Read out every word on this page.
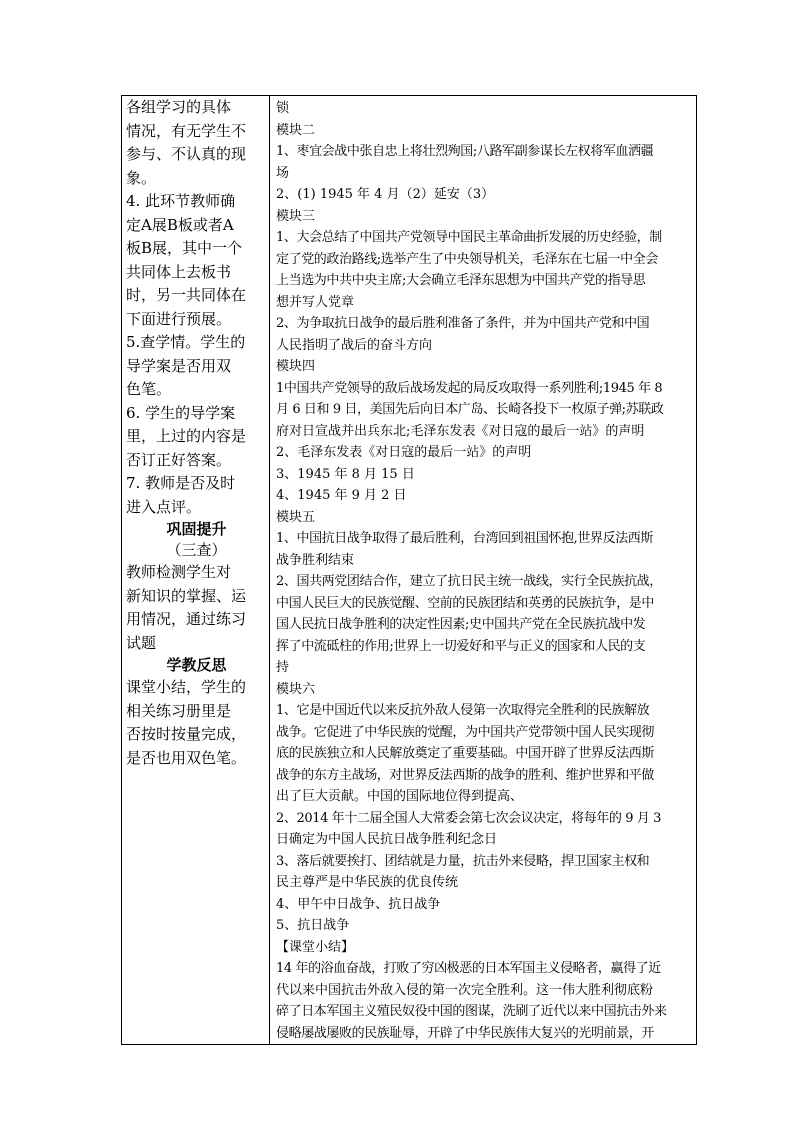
各组学习的具体
情况，有无学生不
参与、不认真的现
象。
4. 此环节教师确
定A展B板或者A
板B展，其中一个
共同体上去板书
时，另一共同体在
下面进行预展。
5.查学情。学生的
导学案是否用双
色笔。
6. 学生的导学案
里，上过的内容是
否订正好答案。
7. 教师是否及时
进入点评。
巩固提升
（三查）
教师检测学生对
新知识的掌握、运
用情况，通过练习
试题
学教反思
课堂小结，学生的
相关练习册里是
否按时按量完成，
是否也用双色笔。

锁
模块二
1、枣宜会战中张自忠上将壮烈殉国;八路军副参谋长左权将军血洒疆
场
2、(1) 1945 年 4 月（2）延安（3）
模块三
1、大会总结了中国共产党领导中国民主革命曲折发展的历史经验，制
定了党的政治路线;选举产生了中央领导机关，毛泽东在七届一中全会
上当选为中共中央主席;大会确立毛泽东思想为中国共产党的指导思
想并写人党章
2、为争取抗日战争的最后胜利准备了条件，并为中国共产党和中国
人民指明了战后的奋斗方向
模块四
1中国共产党领导的敌后战场发起的局反攻取得一系列胜利;1945 年 8
月 6 日和 9 日，美国先后向日本广岛、长崎各投下一枚原子弹;苏联政
府对日宣战并出兵东北;毛泽东发表《对日寇的最后一站》的声明
2、毛泽东发表《对日寇的最后一站》的声明
3、1945 年 8 月 15 日
4、1945 年 9 月 2 日
模块五
1、中国抗日战争取得了最后胜利，台湾回到祖国怀抱,世界反法西斯
战争胜利结束
2、国共两党团结合作，建立了抗日民主统一战线，实行全民族抗战，
中国人民巨大的民族觉醒、空前的民族团结和英勇的民族抗争，是中
国人民抗日战争胜利的决定性因素;史中国共产党在全民族抗战中发
挥了中流砥柱的作用;世界上一切爱好和平与正义的国家和人民的支
持
模块六
1、它是中国近代以来反抗外敌人侵第一次取得完全胜利的民族解放
战争。它促进了中华民族的觉醒，为中国共产党带领中国人民实现彻
底的民族独立和人民解放奠定了重要基础。中国开辟了世界反法西斯
战争的东方主战场，对世界反法西斯的战争的胜利、维护世界和平做
出了巨大贡献。中国的国际地位得到提高、
2、2014 年十二届全国人大常委会第七次会议决定，将每年的 9 月 3
日确定为中国人民抗日战争胜利纪念日
3、落后就要挨打、团结就是力量，抗击外来侵略，捍卫国家主权和
民主尊严是中华民族的优良传统
4、甲午中日战争、抗日战争
5、抗日战争
【课堂小结】
14 年的浴血奋战，打败了穷凶极恶的日本军国主义侵略者，赢得了近
代以来中国抗击外敌入侵的第一次完全胜利。这一伟大胜利彻底粉
碎了日本军国主义殖民奴役中国的图谋，洗刷了近代以来中国抗击外来
侵略屡战屡败的民族耻辱，开辟了中华民族伟大复兴的光明前景，开
